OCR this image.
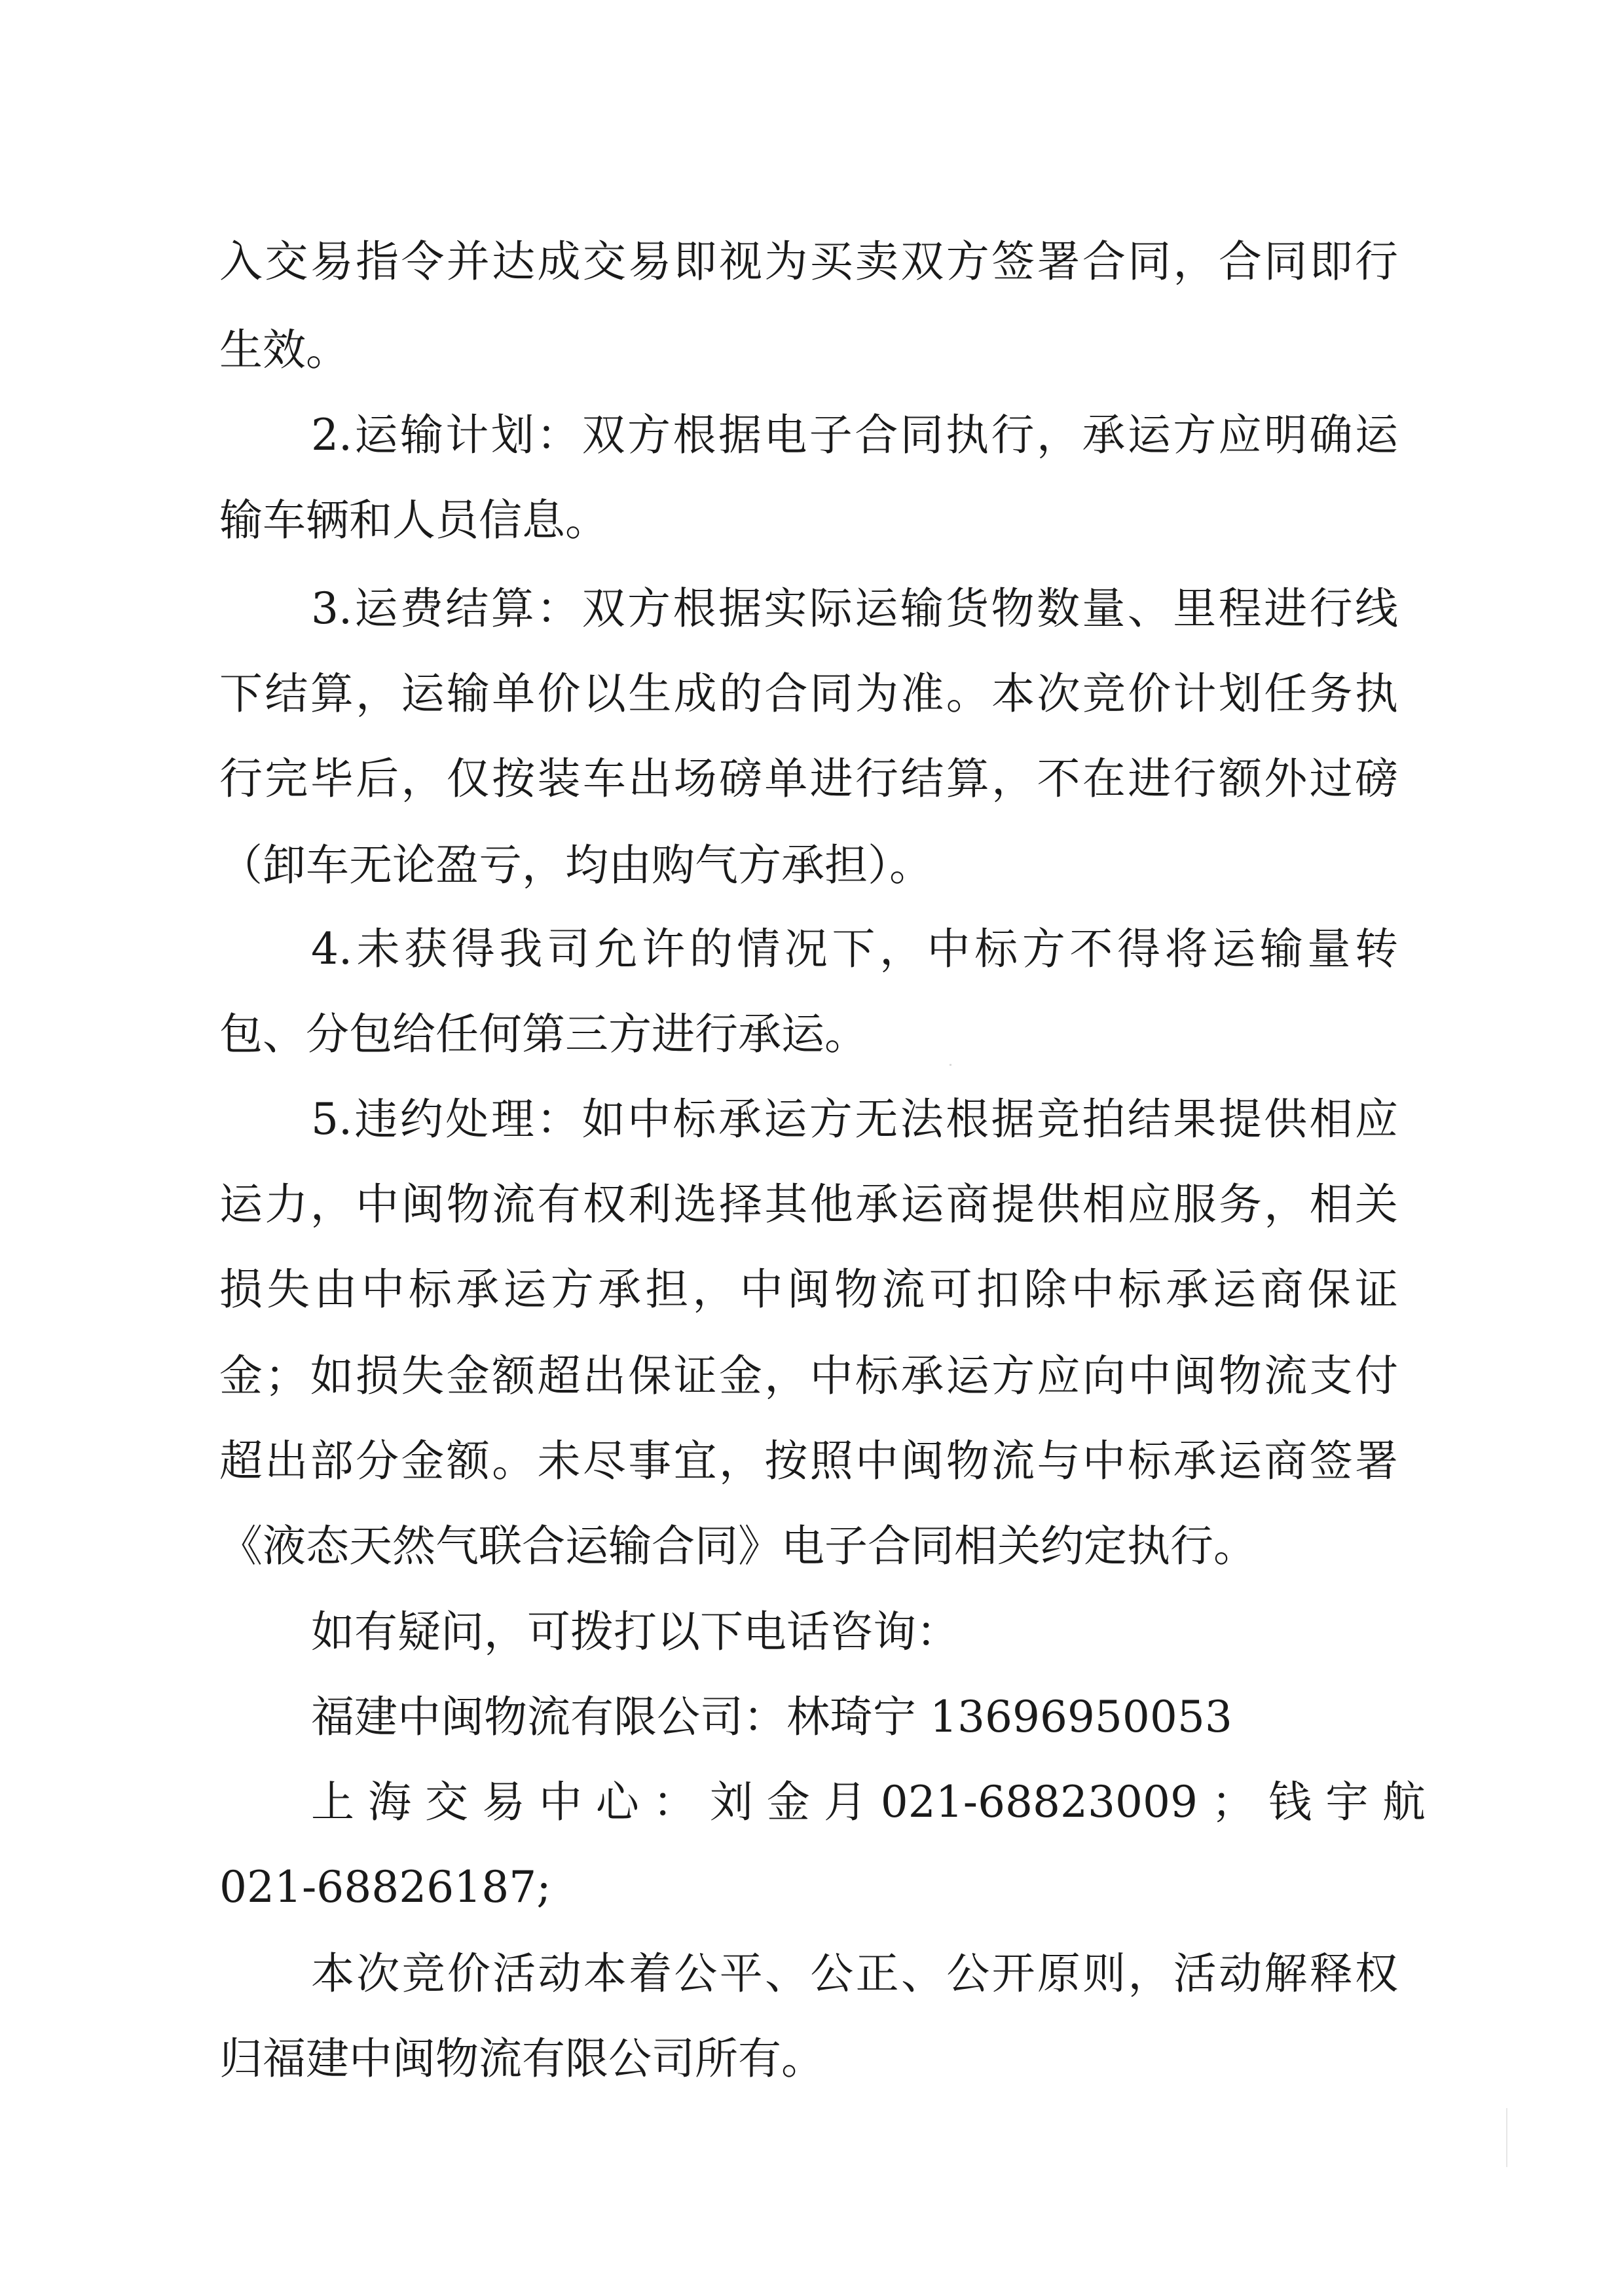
入交易指令并达成交易即视为买卖双方签署合同，合同即行
生效。
2.运输计划：双方根据电子合同执行，承运方应明确运
输车辆和人员信息。
3.运费结算：双方根据实际运输货物数量、里程进行线
下结算，运输单价以生成的合同为准。本次竞价计划任务执
行完毕后，仅按装车出场磅单进行结算，不在进行额外过磅
（卸车无论盈亏，均由购气方承担）。
4.未获得我司允许的情况下，中标方不得将运输量转
包、分包给任何第三方进行承运。
5.违约处理：如中标承运方无法根据竞拍结果提供相应
运力，中闽物流有权利选择其他承运商提供相应服务，相关
损失由中标承运方承担，中闽物流可扣除中标承运商保证
金；如损失金额超出保证金，中标承运方应向中闽物流支付
超出部分金额。未尽事宜，按照中闽物流与中标承运商签署
《液态天然气联合运输合同》电子合同相关约定执行。
如有疑问，可拨打以下电话咨询：
福建中闽物流有限公司：林琦宁 13696950053
上 海 交 易 中 心 ： 刘 金 月 021-68823009 ； 钱 宇 航
021-68826187;
本次竞价活动本着公平、公正、公开原则，活动解释权
归福建中闽物流有限公司所有。
